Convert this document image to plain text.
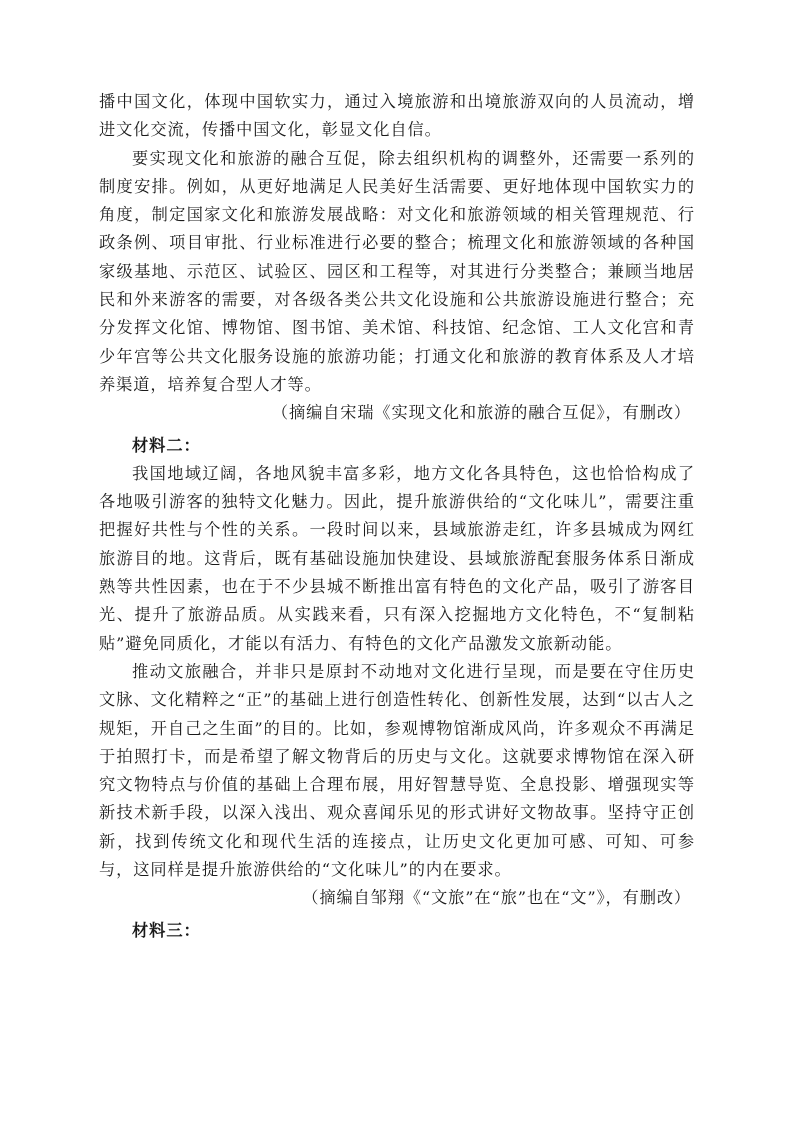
播中国文化，体现中国软实力，通过入境旅游和出境旅游双向的人员流动，增进文化交流，传播中国文化，彰显文化自信。

要实现文化和旅游的融合互促，除去组织机构的调整外，还需要一系列的制度安排。例如，从更好地满足人民美好生活需要、更好地体现中国软实力的角度，制定国家文化和旅游发展战略：对文化和旅游领域的相关管理规范、行政条例、项目审批、行业标准进行必要的整合；梳理文化和旅游领域的各种国家级基地、示范区、试验区、园区和工程等，对其进行分类整合；兼顾当地居民和外来游客的需要，对各级各类公共文化设施和公共旅游设施进行整合；充分发挥文化馆、博物馆、图书馆、美术馆、科技馆、纪念馆、工人文化宫和青少年宫等公共文化服务设施的旅游功能；打通文化和旅游的教育体系及人才培养渠道，培养复合型人才等。

（摘编自宋瑞《实现文化和旅游的融合互促》，有删改）

材料二：

我国地域辽阔，各地风貌丰富多彩，地方文化各具特色，这也恰恰构成了各地吸引游客的独特文化魅力。因此，提升旅游供给的“文化味儿”，需要注重把握好共性与个性的关系。一段时间以来，县域旅游走红，许多县城成为网红旅游目的地。这背后，既有基础设施加快建设、县域旅游配套服务体系日渐成熟等共性因素，也在于不少县城不断推出富有特色的文化产品，吸引了游客目光、提升了旅游品质。从实践来看，只有深入挖掘地方文化特色，不“复制粘贴”避免同质化，才能以有活力、有特色的文化产品激发文旅新动能。

推动文旅融合，并非只是原封不动地对文化进行呈现，而是要在守住历史文脉、文化精粹之“正”的基础上进行创造性转化、创新性发展，达到“以古人之规矩，开自己之生面”的目的。比如，参观博物馆渐成风尚，许多观众不再满足于拍照打卡，而是希望了解文物背后的历史与文化。这就要求博物馆在深入研究文物特点与价值的基础上合理布展，用好智慧导览、全息投影、增强现实等新技术新手段，以深入浅出、观众喜闻乐见的形式讲好文物故事。坚持守正创新，找到传统文化和现代生活的连接点，让历史文化更加可感、可知、可参与，这同样是提升旅游供给的“文化味儿”的内在要求。

（摘编自邹翔《“文旅”在“旅”也在“文”》，有删改）

材料三：
